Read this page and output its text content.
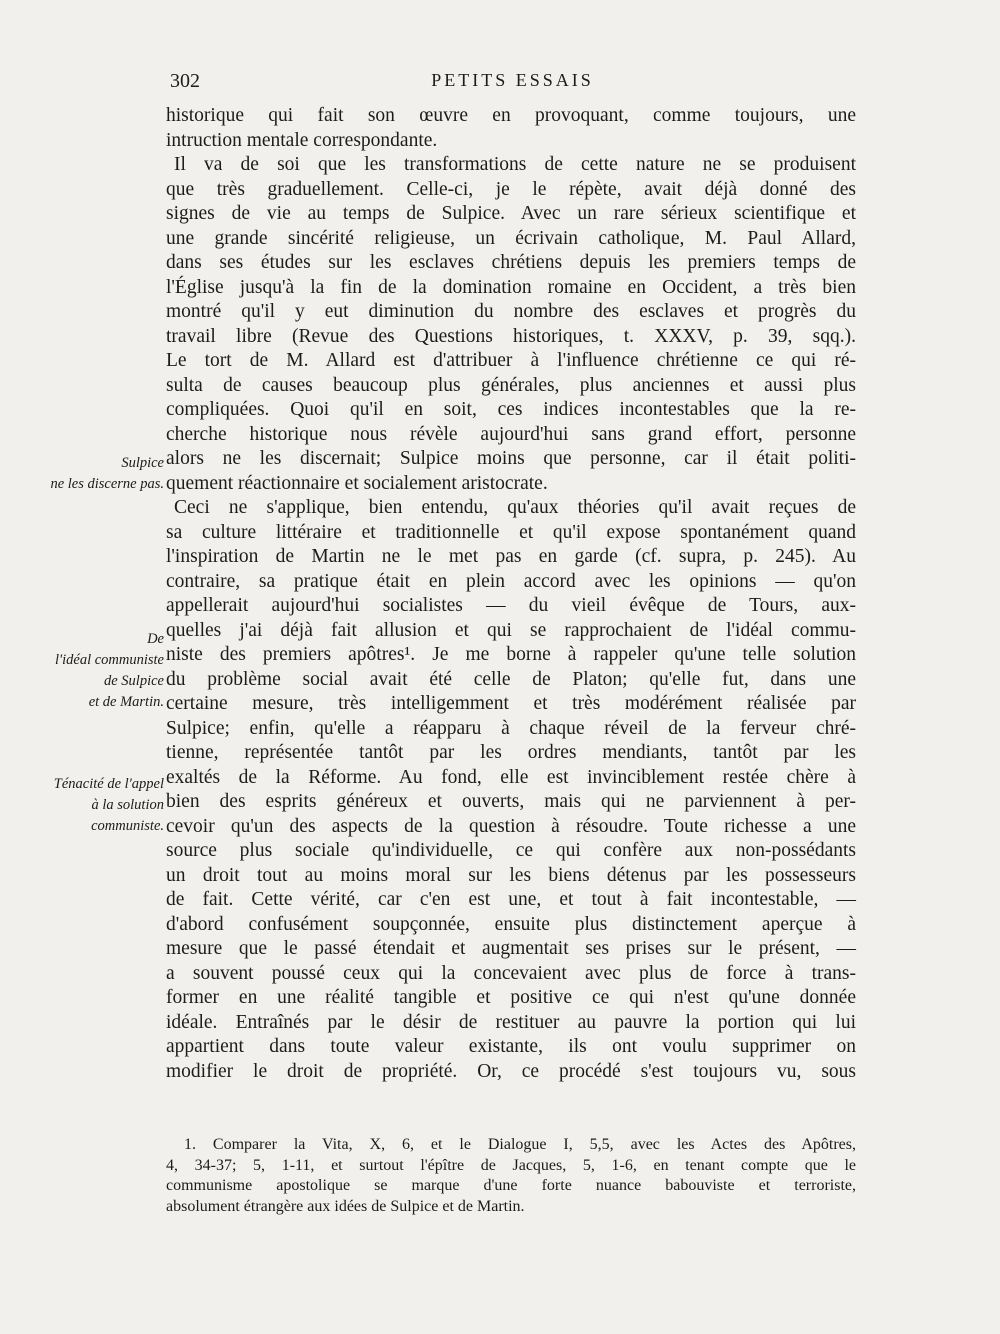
302	PETITS ESSAIS
historique qui fait son œuvre en provoquant, comme toujours, une
intruction mentale correspondante.
Il va de soi que les transformations de cette nature ne se produisent
que très graduellement. Celle-ci, je le répète, avait déjà donné des
signes de vie au temps de Sulpice. Avec un rare sérieux scientifique et
une grande sincérité religieuse, un écrivain catholique, M. Paul Allard,
dans ses études sur les esclaves chrétiens depuis les premiers temps de
l'Église jusqu'à la fin de la domination romaine en Occident, a très bien
montré qu'il y eut diminution du nombre des esclaves et progrès du
travail libre (Revue des Questions historiques, t. XXXV, p. 39, sqq.).
Le tort de M. Allard est d'attribuer à l'influence chrétienne ce qui ré-
sulta de causes beaucoup plus générales, plus anciennes et aussi plus
compliquées. Quoi qu'il en soit, ces indices incontestables que la re-
cherche historique nous révèle aujourd'hui sans grand effort, personne
alors ne les discernait; Sulpice moins que personne, car il était politi-
quement réactionnaire et socialement aristocrate.
Ceci ne s'applique, bien entendu, qu'aux théories qu'il avait reçues de
sa culture littéraire et traditionnelle et qu'il expose spontanément quand
l'inspiration de Martin ne le met pas en garde (cf. supra, p. 245). Au
contraire, sa pratique était en plein accord avec les opinions — qu'on
appellerait aujourd'hui socialistes — du vieil évêque de Tours, aux-
quelles j'ai déjà fait allusion et qui se rapprochaient de l'idéal commu-
niste des premiers apôtres¹. Je me borne à rappeler qu'une telle solution
du problème social avait été celle de Platon; qu'elle fut, dans une
certaine mesure, très intelligemment et très modérément réalisée par
Sulpice; enfin, qu'elle a réapparu à chaque réveil de la ferveur chré-
tienne, représentée tantôt par les ordres mendiants, tantôt par les
exaltés de la Réforme. Au fond, elle est invinciblement restée chère à
bien des esprits généreux et ouverts, mais qui ne parviennent à per-
cevoir qu'un des aspects de la question à résoudre. Toute richesse a une
source plus sociale qu'individuelle, ce qui confère aux non-possédants
un droit tout au moins moral sur les biens détenus par les possesseurs
de fait. Cette vérité, car c'en est une, et tout à fait incontestable, —
d'abord confusément soupçonnée, ensuite plus distinctement aperçue à
mesure que le passé étendait et augmentait ses prises sur le présent, —
a souvent poussé ceux qui la concevaient avec plus de force à trans-
former en une réalité tangible et positive ce qui n'est qu'une donnée
idéale. Entraînés par le désir de restituer au pauvre la portion qui lui
appartient dans toute valeur existante, ils ont voulu supprimer on
modifier le droit de propriété. Or, ce procédé s'est toujours vu, sous
Sulpice
ne les discerne pas.
De
l'idéal communiste
de Sulpice
et de Martin.
Ténacité de l'appel
à la solution
communiste.
1. Comparer la Vita, X, 6, et le Dialogue I, 5,5, avec les Actes des Apôtres,
4, 34-37; 5, 1-11, et surtout l'épître de Jacques, 5, 1-6, en tenant compte que le
communisme apostolique se marque d'une forte nuance babouviste et terroriste,
absolument étrangère aux idées de Sulpice et de Martin.
